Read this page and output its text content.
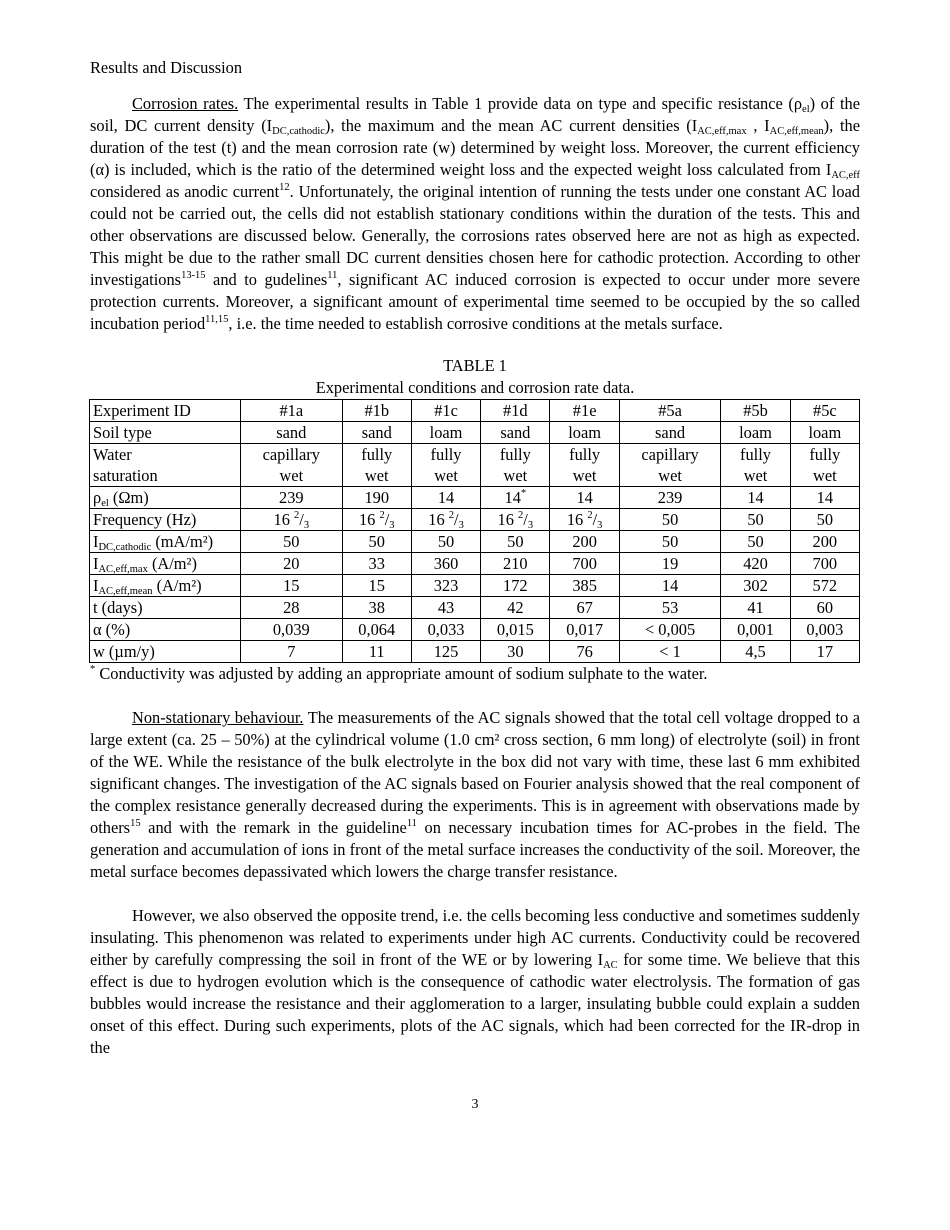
Results and Discussion

Corrosion rates. The experimental results in Table 1 provide data on type and specific resistance $(\rho_{el})$ of the soil, DC current density $(I_{DC,cathodic})$, the maximum and the mean AC current densities ($I_{AC,eff,max}$ , $I_{AC,eff,mean}$), the duration of the test (t) and the mean corrosion rate (w) determined by weight loss. Moreover, the current efficiency (α) is included, which is the ratio of the determined weight loss and the expected weight loss calculated from $I_{AC,eff}$ considered as anodic current$^{12}$. Unfortunately, the original intention of running the tests under one constant AC load could not be carried out, the cells did not establish stationary conditions within the duration of the tests. This and other observations are discussed below. Generally, the corrosions rates observed here are not as high as expected. This might be due to the rather small DC current densities chosen here for cathodic protection. According to other investigations$^{13-15}$ and to gudelines$^{11}$, significant AC induced corrosion is expected to occur under more severe protection currents. Moreover, a significant amount of experimental time seemed to be occupied by the so called incubation period$^{11,15}$, i.e. the time needed to establish corrosive conditions at the metals surface.

TABLE 1
Experimental conditions and corrosion rate data.
Experiment ID	#1a	#1b	#1c	#1d	#1e	#5a	#5b	#5c
Soil type	sand	sand	loam	sand	loam	sand	loam	loam
Water	capillary	fully	fully	fully	fully	capillary	fully	fully
saturation	wet	wet	wet	wet	wet	wet	wet	wet
$\rho_{el}$ (Ωm)	239	190	14	14*	14	239	14	14
Frequency (Hz)	16 $^2/_3$	16 $^2/_3$	16 $^2/_3$	16 $^2/_3$	16 $^2/_3$	50	50	50
$I_{DC,cathodic}$ (mA/m²)	50	50	50	50	200	50	50	200
$I_{AC,eff,max}$ (A/m²)	20	33	360	210	700	19	420	700
$I_{AC,eff,mean}$ (A/m²)	15	15	323	172	385	14	302	572
t (days)	28	38	43	42	67	53	41	60
α (%)	0,039	0,064	0,033	0,015	0,017	< 0,005	0,001	0,003
w (µm/y)	7	11	125	30	76	< 1	4,5	17
* Conductivity was adjusted by adding an appropriate amount of sodium sulphate to the water.

Non-stationary behaviour. The measurements of the AC signals showed that the total cell voltage dropped to a large extent (ca. 25 – 50%) at the cylindrical volume (1.0 cm² cross section, 6 mm long) of electrolyte (soil) in front of the WE. While the resistance of the bulk electrolyte in the box did not vary with time, these last 6 mm exhibited significant changes. The investigation of the AC signals based on Fourier analysis showed that the real component of the complex resistance generally decreased during the experiments. This is in agreement with observations made by others$^{15}$ and with the remark in the guideline$^{11}$ on necessary incubation times for AC-probes in the field. The generation and accumulation of ions in front of the metal surface increases the conductivity of the soil. Moreover, the metal surface becomes depassivated which lowers the charge transfer resistance.

However, we also observed the opposite trend, i.e. the cells becoming less conductive and sometimes suddenly insulating. This phenomenon was related to experiments under high AC currents. Conductivity could be recovered either by carefully compressing the soil in front of the WE or by lowering $I_{AC}$ for some time. We believe that this effect is due to hydrogen evolution which is the consequence of cathodic water electrolysis. The formation of gas bubbles would increase the resistance and their agglomeration to a larger, insulating bubble could explain a sudden onset of this effect. During such experiments, plots of the AC signals, which had been corrected for the IR-drop in the

3
